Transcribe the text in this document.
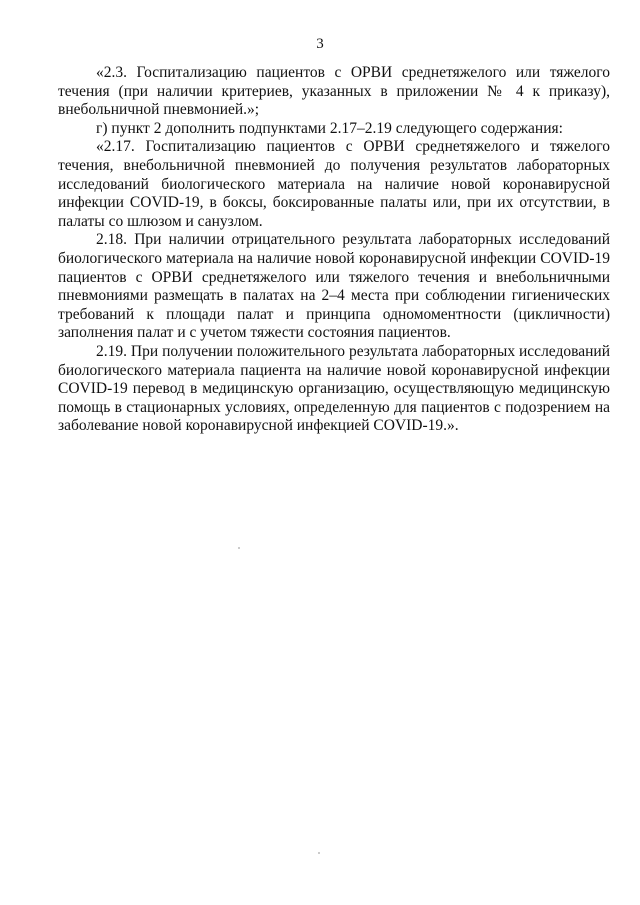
3

«2.3. Госпитализацию пациентов с ОРВИ среднетяжелого или тяжелого течения (при наличии критериев, указанных в приложении № 4 к приказу), внебольничной пневмонией.»;

г) пункт 2 дополнить подпунктами 2.17–2.19 следующего содержания:

«2.17. Госпитализацию пациентов с ОРВИ среднетяжелого и тяжелого течения, внебольничной пневмонией до получения результатов лабораторных исследований биологического материала на наличие новой коронавирусной инфекции COVID-19, в боксы, боксированные палаты или, при их отсутствии, в палаты со шлюзом и санузлом.

2.18. При наличии отрицательного результата лабораторных исследований биологического материала на наличие новой коронавирусной инфекции COVID-19 пациентов с ОРВИ среднетяжелого или тяжелого течения и внебольничными пневмониями размещать в палатах на 2–4 места при соблюдении гигиенических требований к площади палат и принципа одномоментности (цикличности) заполнения палат и с учетом тяжести состояния пациентов.

2.19. При получении положительного результата лабораторных исследований биологического материала пациента на наличие новой коронавирусной инфекции COVID-19 перевод в медицинскую организацию, осуществляющую медицинскую помощь в стационарных условиях, определенную для пациентов с подозрением на заболевание новой коронавирусной инфекцией COVID-19.».
